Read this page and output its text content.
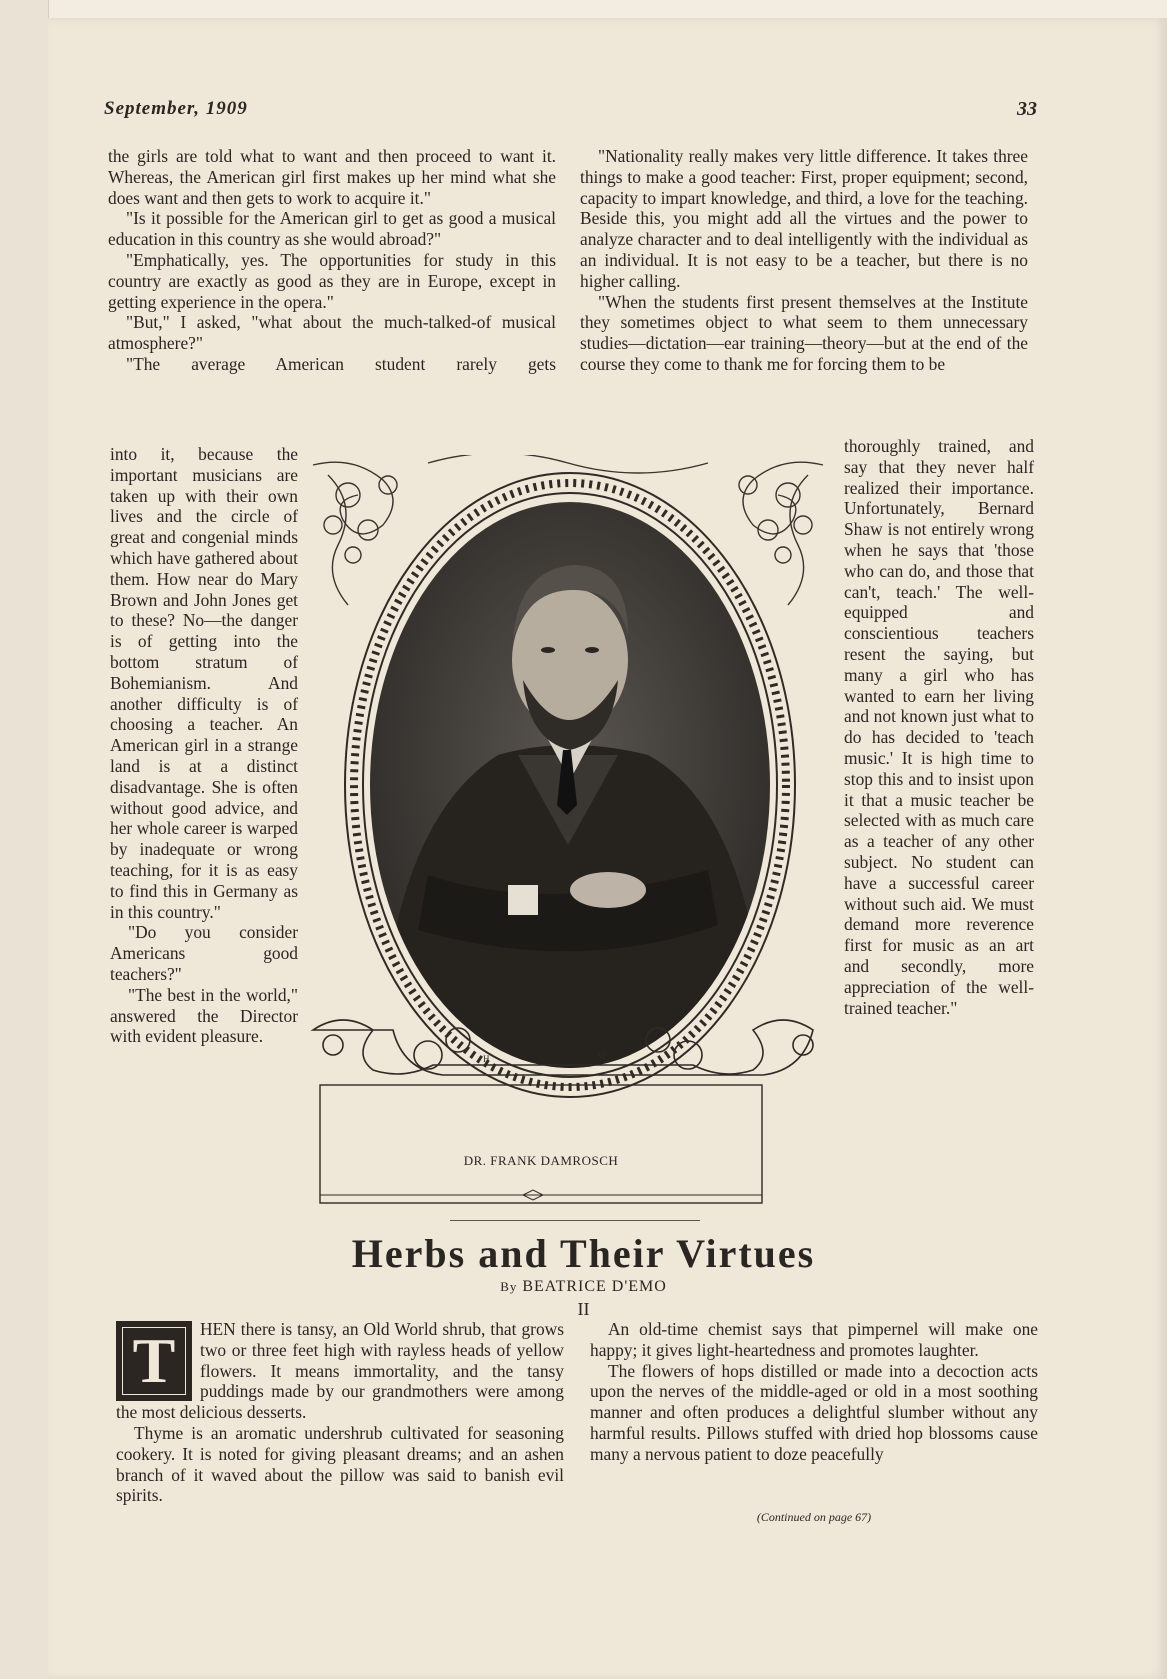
September, 1909	33

the girls are told what to want and then proceed to want it. Whereas, the American girl first makes up her mind what she does want and then gets to work to acquire it."

"Is it possible for the American girl to get as good a musical education in this country as she would abroad?"

"Emphatically, yes. The opportunities for study in this country are exactly as good as they are in Europe, except in getting experience in the opera."

"But," I asked, "what about the much-talked-of musical atmosphere?"

"The average American student rarely gets

into it, because the important musicians are taken up with their own lives and the circle of great and congenial minds which have gathered about them. How near do Mary Brown and John Jones get to these? No—the danger is of getting into the bottom stratum of Bohemianism. And another difficulty is of choosing a teacher. An American girl in a strange land is at a distinct disadvantage. She is often without good advice, and her whole career is warped by inadequate or wrong teaching, for it is as easy to find this in Germany as in this country."

"Do you consider Americans good teachers?"

"The best in the world," answered the Director with evident pleasure.

"Nationality really makes very little difference. It takes three things to make a good teacher: First, proper equipment; second, capacity to impart knowledge, and third, a love for the teaching. Beside this, you might add all the virtues and the power to analyze character and to deal intelligently with the individual as an individual. It is not easy to be a teacher, but there is no higher calling.

"When the students first present themselves at the Institute they sometimes object to what seem to them unnecessary studies—dictation—ear training—theory—but at the end of the course they come to thank me for forcing them to be

thoroughly trained, and say that they never half realized their importance. Unfortunately, Bernard Shaw is not entirely wrong when he says that 'those who can do, and those that can't, teach.' The well-equipped and conscientious teachers resent the saying, but many a girl who has wanted to earn her living and not known just what to do has decided to 'teach music.' It is high time to stop this and to insist upon it that a music teacher be selected with as much care as a teacher of any other subject. No student can have a successful career without such aid. We must demand more reverence first for music as an art and secondly, more appreciation of the well-trained teacher."

H	W
DR. FRANK DAMROSCH
Herbs and Their Virtues
By BEATRICE D'EMO
II
T	HEN there is tansy, an Old World shrub, that grows two or three feet high with rayless heads of yellow flowers. It means immortality, and the tansy puddings made by our grandmothers were among the most delicious desserts.

Thyme is an aromatic undershrub cultivated for seasoning cookery. It is noted for giving pleasant dreams; and an ashen branch of it waved about the pillow was said to banish evil spirits.

An old-time chemist says that pimpernel will make one happy; it gives light-heartedness and promotes laughter.

The flowers of hops distilled or made into a decoction acts upon the nerves of the middle-aged or old in a most soothing manner and often produces a delightful slumber without any harmful results. Pillows stuffed with dried hop blossoms cause many a nervous patient to doze peacefully

(Continued on page 67)
